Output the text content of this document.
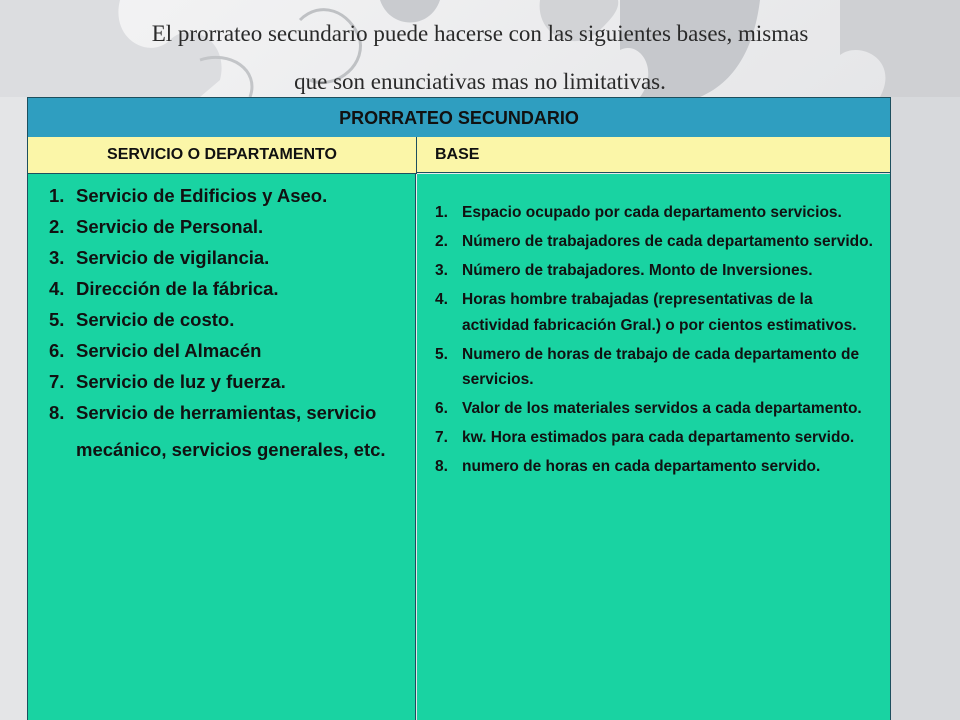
El prorrateo secundario puede hacerse con las siguientes bases, mismas
que son enunciativas mas no limitativas.
PRORRATEO SECUNDARIO
SERVICIO O DEPARTAMENTO	BASE
1. Servicio de Edificios y Aseo.
2. Servicio de Personal.
3. Servicio de vigilancia.
4. Dirección de la fábrica.
5. Servicio de costo.
6. Servicio del Almacén
7. Servicio de luz y fuerza.
8. Servicio de herramientas, servicio mecánico, servicios generales, etc.
1. Espacio ocupado por cada departamento servicios.
2. Número de trabajadores de cada departamento servido.
3. Número de trabajadores. Monto de Inversiones.
4. Horas hombre trabajadas (representativas de la actividad fabricación Gral.) o por cientos estimativos.
5. Numero de horas de trabajo de cada departamento de servicios.
6. Valor de los materiales servidos a cada departamento.
7. kw. Hora estimados para cada departamento servido.
8. numero de horas en cada departamento servido.
